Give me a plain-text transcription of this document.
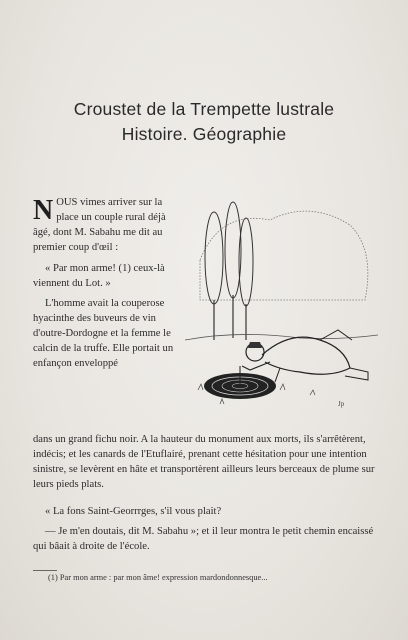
Croustet de la Trempette lustrale
Histoire. Géographie
Jp

NOUS vimes arriver sur la place un couple rural déjà âgé, dont M. Sabahu me dit au premier coup d'œil :

« Par mon arme! (1) ceux-là viennent du Lot. »

L'homme avait la couperose hyacinthe des buveurs de vin d'outre-Dordogne et la femme le calcin de la truffe. Elle portait un enfançon enveloppé

dans un grand fichu noir. A la hauteur du monument aux morts, ils s'arrêtèrent, indécis; et les canards de l'Etuflairé, prenant cette hésitation pour une intention sinistre, se levèrent en hâte et transportèrent ailleurs leurs berceaux de plume sur leurs pieds plats.
« La fons Saint-Georrrges, s'il vous plait?
— Je m'en doutais, dit M. Sabahu »; et il leur montra le petit chemin encaissé qui bâait à droite de l'école.
(1) Par mon arme : par mon âme! expression mardondonnesque...
